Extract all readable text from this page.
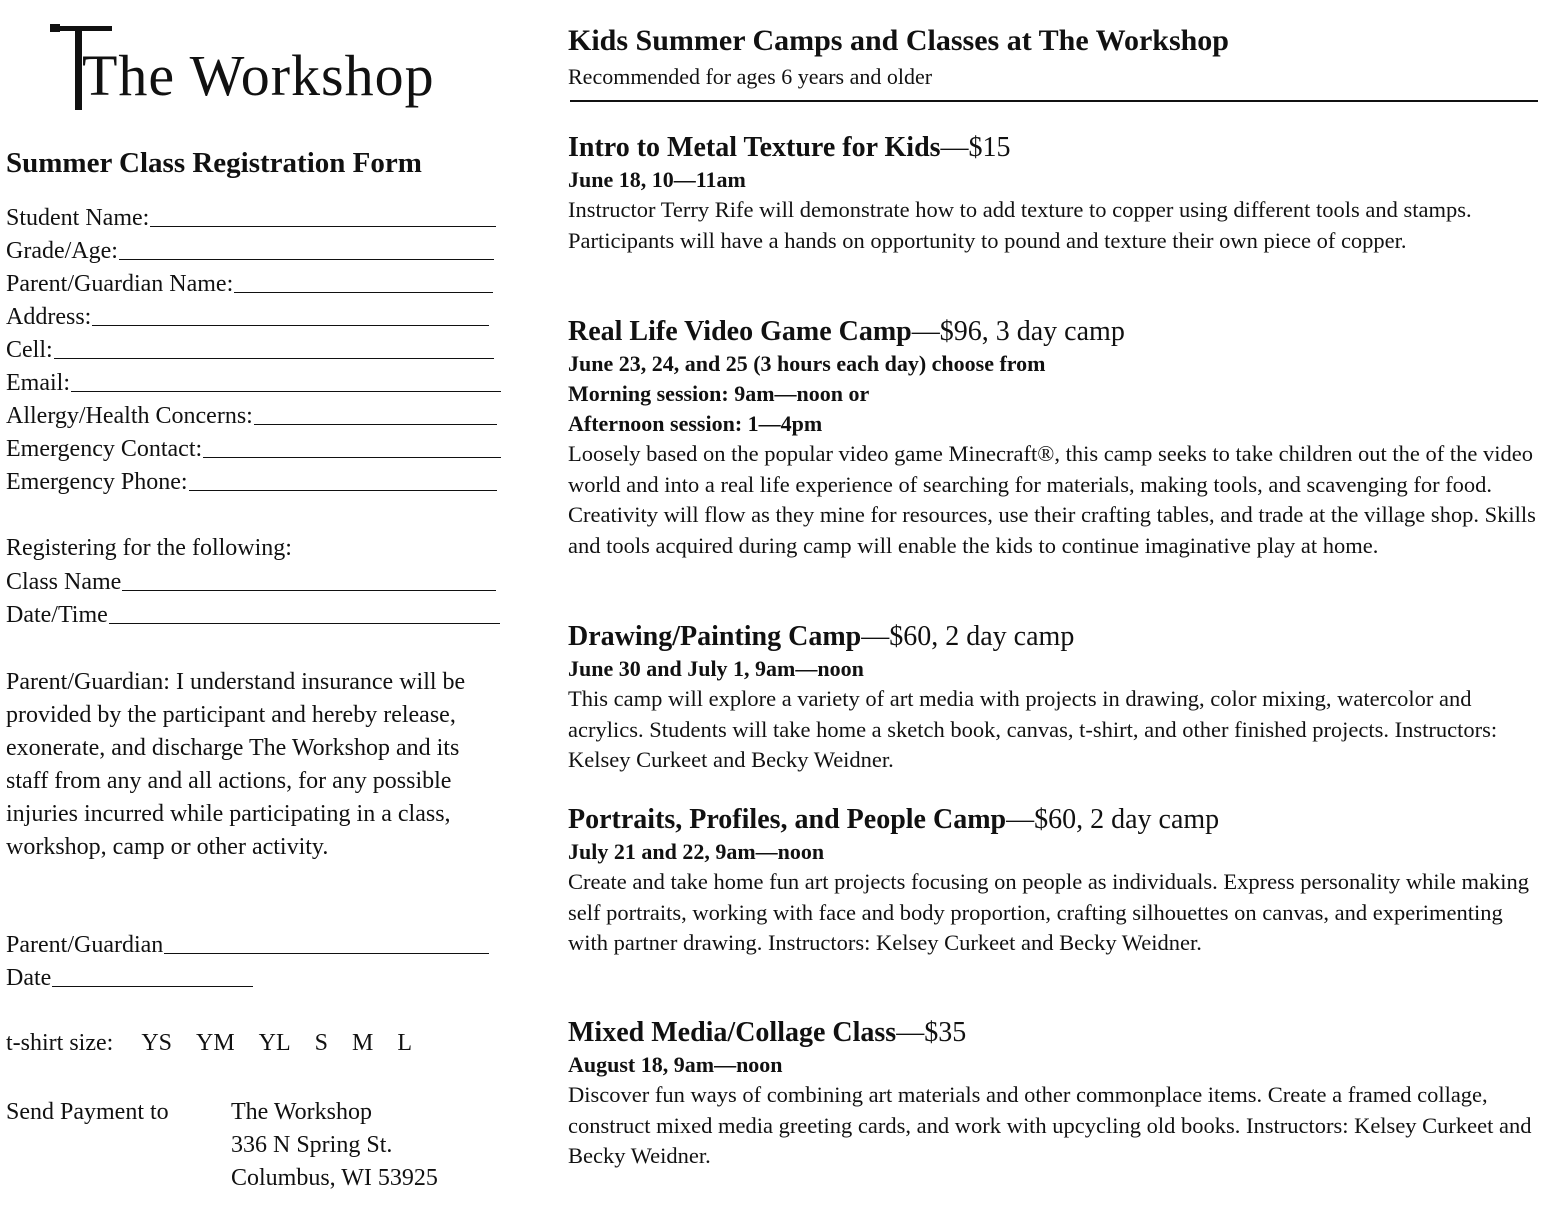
The Workshop
Summer Class Registration Form
Student Name:
Grade/Age:
Parent/Guardian Name:
Address:
Cell:
Email:
Allergy/Health Concerns:
Emergency Contact:
Emergency Phone:
Registering for the following:
Class Name
Date/Time
Parent/Guardian: I understand insurance will be provided by the participant and hereby release, exonerate, and discharge The Workshop and its staff from any and all actions, for any possible injuries incurred while participating in a class, workshop, camp or other activity.
Parent/Guardian
Date
t-shirt size: YS YM YL S M L
Send Payment to	The Workshop
336 N Spring St.
Columbus, WI 53925
Kids Summer Camps and Classes at The Workshop
Recommended for ages 6 years and older
Intro to Metal Texture for Kids—$15
June 18, 10—11am
Instructor Terry Rife will demonstrate how to add texture to copper using different tools and stamps. Participants will have a hands on opportunity to pound and texture their own piece of copper.
Real Life Video Game Camp—$96, 3 day camp
June 23, 24, and 25 (3 hours each day) choose from
Morning session: 9am—noon or
Afternoon session: 1—4pm
Loosely based on the popular video game Minecraft®, this camp seeks to take children out the of the video world and into a real life experience of searching for materials, making tools, and scavenging for food. Creativity will flow as they mine for resources, use their crafting tables, and trade at the village shop. Skills and tools acquired during camp will enable the kids to continue imaginative play at home.
Drawing/Painting Camp—$60, 2 day camp
June 30 and July 1, 9am—noon
This camp will explore a variety of art media with projects in drawing, color mixing, watercolor and acrylics. Students will take home a sketch book, canvas, t-shirt, and other finished projects. Instructors: Kelsey Curkeet and Becky Weidner.
Portraits, Profiles, and People Camp—$60, 2 day camp
July 21 and 22, 9am—noon
Create and take home fun art projects focusing on people as individuals. Express personality while making self portraits, working with face and body proportion, crafting silhouettes on canvas, and experimenting with partner drawing. Instructors: Kelsey Curkeet and Becky Weidner.
Mixed Media/Collage Class—$35
August 18, 9am—noon
Discover fun ways of combining art materials and other commonplace items. Create a framed collage, construct mixed media greeting cards, and work with upcycling old books. Instructors: Kelsey Curkeet and Becky Weidner.
